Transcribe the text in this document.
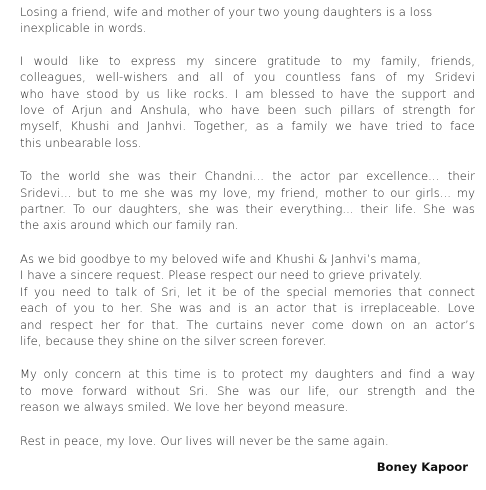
Losing a friend, wife and mother of your two young daughters is a loss
inexplicable in words.
I would like to express my sincere gratitude to my family, friends,
colleagues, well-wishers and all of you countless fans of my Sridevi
who have stood by us like rocks. I am blessed to have the support and
love of Arjun and Anshula, who have been such pillars of strength for
myself, Khushi and Janhvi. Together, as a family we have tried to face
this unbearable loss.
To the world she was their Chandni... the actor par excellence... their
Sridevi... but to me she was my love, my friend, mother to our girls... my
partner. To our daughters, she was their everything... their life. She was
the axis around which our family ran.
As we bid goodbye to my beloved wife and Khushi & Janhvi’s mama,
I have a sincere request. Please respect our need to grieve privately.
If you need to talk of Sri, let it be of the special memories that connect
each of you to her. She was and is an actor that is irreplaceable. Love
and respect her for that. The curtains never come down on an actor’s
life, because they shine on the silver screen forever.
My only concern at this time is to protect my daughters and find a way
to move forward without Sri. She was our life, our strength and the
reason we always smiled. We love her beyond measure.
Rest in peace, my love. Our lives will never be the same again.
Boney Kapoor
